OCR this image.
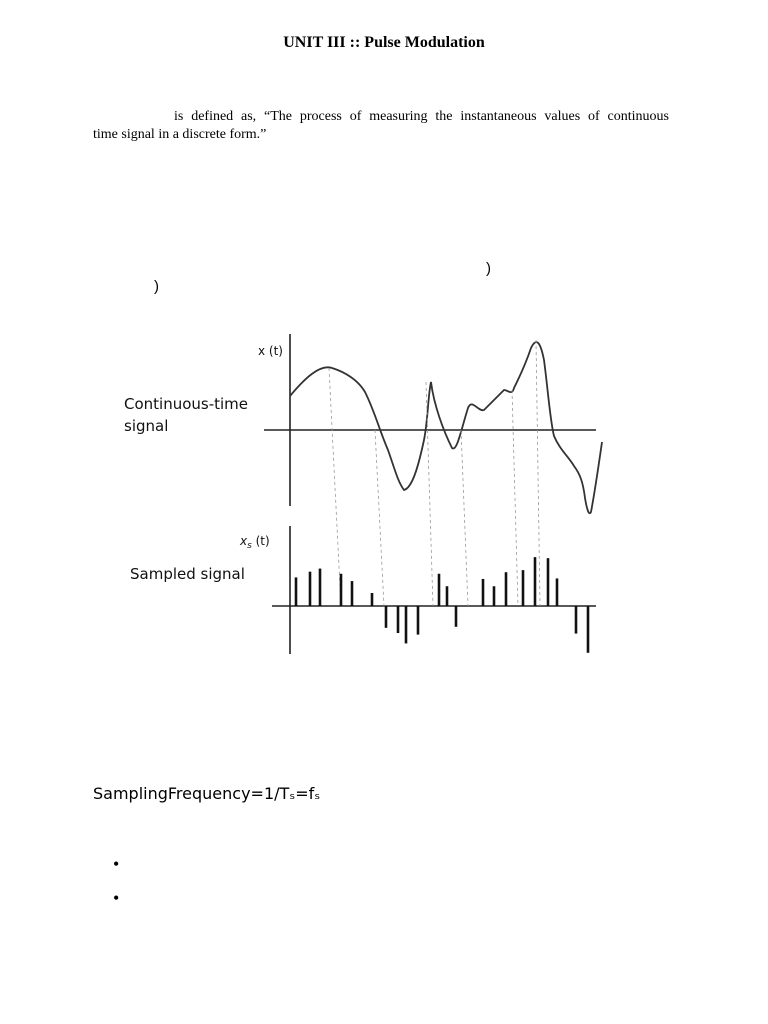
UNIT III :: Pulse Modulation
is defined as, “The process of measuring the instantaneous values of continuous
time signal in a discrete form.”
)
)
Continuous-time
signal
Sampled signal
x (t)
$x_s$ (t)
SamplingFrequency=1/Tₛ=fₛ
•
•
